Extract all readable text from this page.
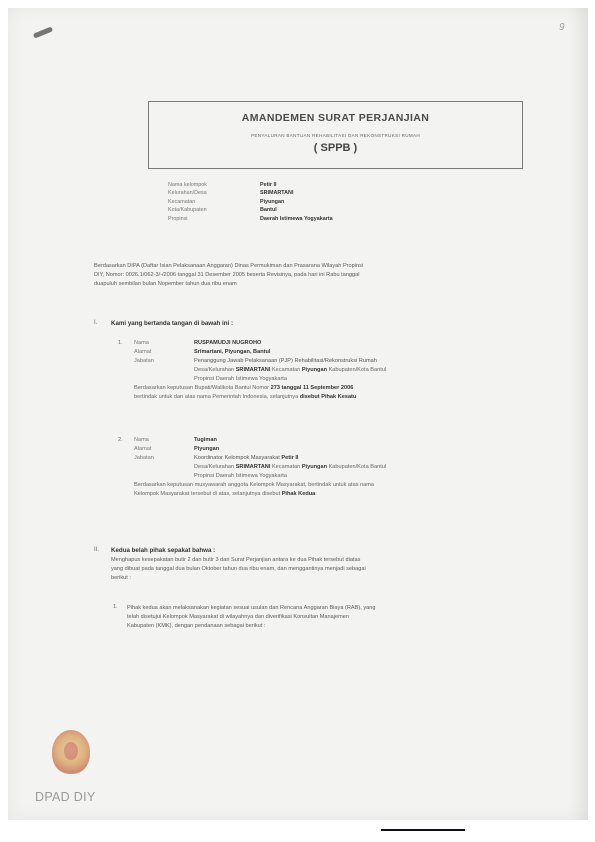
9
AMANDEMEN SURAT PERJANJIAN
PENYALURAN BANTUAN REHABILITASI DAN REKONSTRUKSI RUMAH
( SPPB )
Nama kelompok	Petir II
Kelurahan/Desa	SRIMARTANI
Kecamatan	Piyungan
Kota/Kabupaten	Bantul
Propinsi	Daerah Istimewa Yogyakarta
Berdasarkan DIPA (Daftar Isian Pelaksanaan Anggaran) Dinas Permukiman dan Prasarana Wilayah Propinsi
DIY, Nomor: 0026.1/062-3/-/2006 tanggal 31 Desember 2005 beserta Revisinya, pada hari ini Rabu tanggal
duapuluh sembilan bulan Nopember tahun dua ribu enam
I. Kami yang bertanda tangan di bawah ini :
1.	Nama	RUSPAMUDJI NUGROHO
Alamat	Srimartani, Piyungan, Bantul
Jabatan	Penanggung Jawab Pelaksanaan (PJP) Rehabilitasi/Rekonstruksi Rumah
Desa/Kelurahan SRIMARTANI Kecamatan Piyungan Kabupaten/Kota Bantul
Propinsi Daerah Istimewa Yogyakarta
Berdasarkan keputusan Bupati/Walikota Bantul Nomor 273 tanggal 11 September 2006
bertindak untuk dan atas nama Pemerintah Indonesia, selanjutnya disebut Pihak Kesatu
2.	Nama	Tugiman
Alamat	Piyungan
Jabatan	Koordinator Kelompok Masyarakat Petir II
Desa/Kelurahan SRIMARTANI Kecamatan Piyungan Kabupaten/Kota Bantul
Propinsi Daerah Istimewa Yogyakarta
Berdasarkan keputusan musyawarah anggota Kelompok Masyarakat, bertindak untuk atas nama
Kelompok Masyarakat tersebut di atas, selanjutnya disebut Pihak Kedua
II. Kedua belah pihak sepakat bahwa :
Menghapus kesepakatan butir 2 dan butir 3 dari Surat Perjanjian antara ke dua Pihak tersebut diatas
yang dibuat pada tanggal dua bulan Oktober tahun dua ribu enam, dan menggantinya menjadi sebagai
berikut :
1. Pihak kedua akan melaksanakan kegiatan sesuai usulan dan Rencana Anggaran Biaya (RAB), yang
telah disetujui Kelompok Masyarakat di wilayahnya dan diverifikasi Konsultan Manajemen
Kabupaten (KMK), dengan pendanaan sebagai berikut :
DPAD DIY
